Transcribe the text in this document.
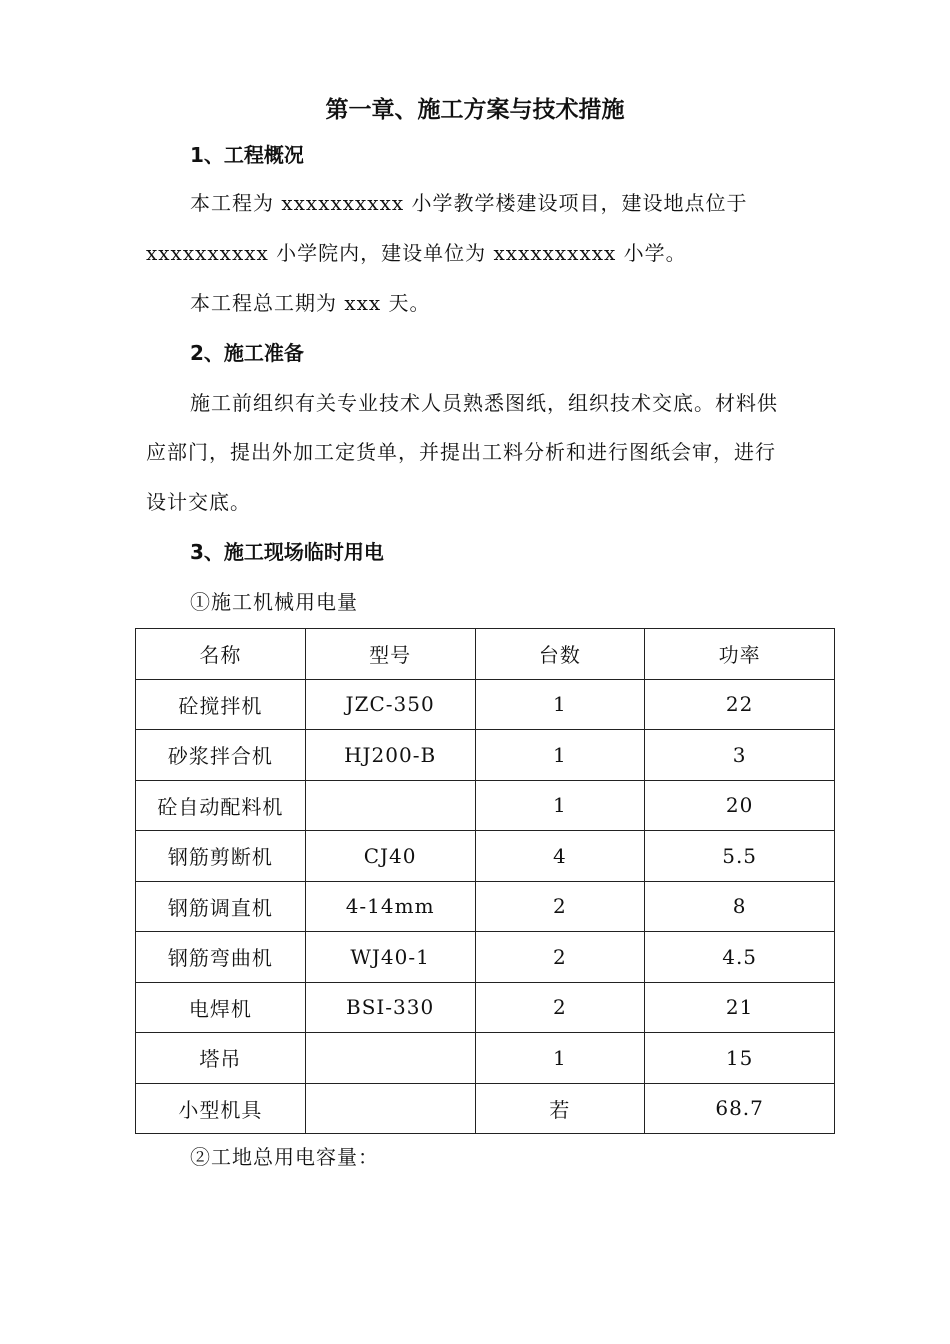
第一章、施工方案与技术措施
1、工程概况
本工程为 xxxxxxxxxx 小学教学楼建设项目，建设地点位于
xxxxxxxxxx 小学院内，建设单位为 xxxxxxxxxx 小学。
本工程总工期为 xxx 天。
2、施工准备
施工前组织有关专业技术人员熟悉图纸，组织技术交底。材料供
应部门，提出外加工定货单，并提出工料分析和进行图纸会审，进行
设计交底。
3、施工现场临时用电
①施工机械用电量
名称	型号	台数	功率
砼搅拌机	JZC-350	1	22
砂浆拌合机	HJ200-B	1	3
砼自动配料机		1	20
钢筋剪断机	CJ40	4	5.5
钢筋调直机	4-14mm	2	8
钢筋弯曲机	WJ40-1	2	4.5
电焊机	BSI-330	2	21
塔吊		1	15
小型机具		若	68.7
②工地总用电容量：
